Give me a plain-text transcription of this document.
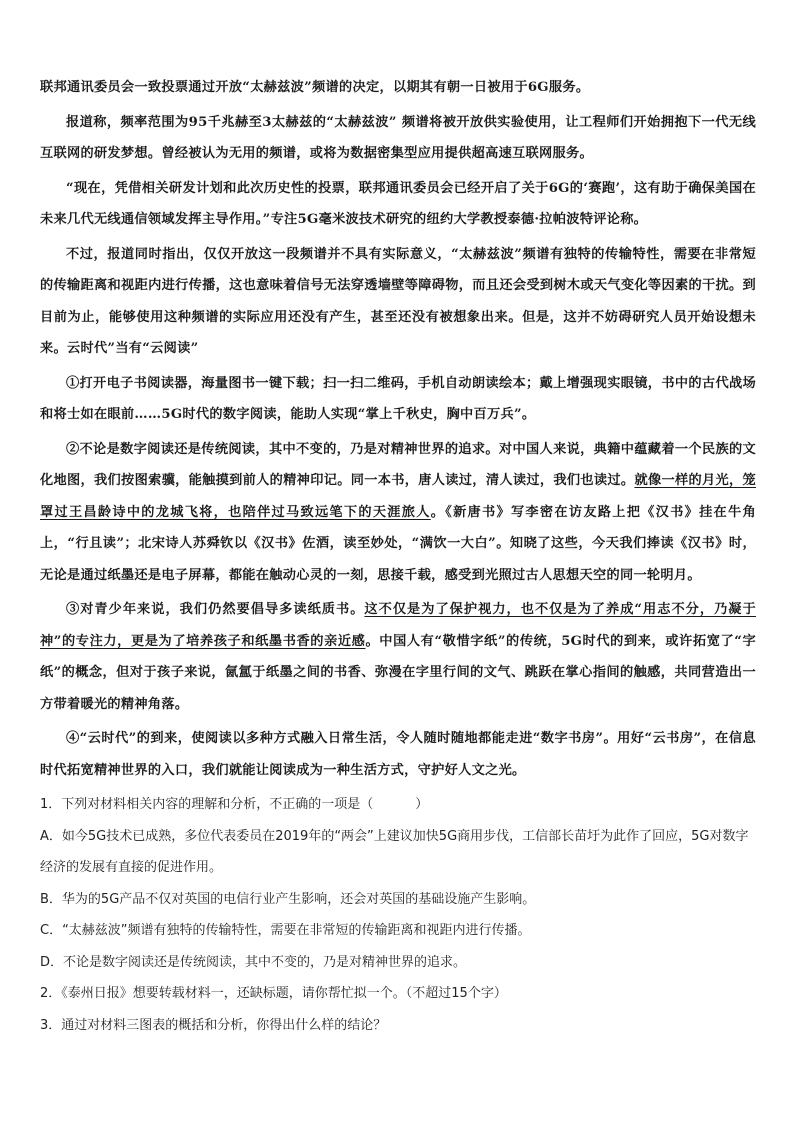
联邦通讯委员会一致投票通过开放“太赫兹波”频谱的决定，以期其有朝一日被用于6G服务。

报道称，频率范围为95千兆赫至3太赫兹的“太赫兹波” 频谱将被开放供实验使用，让工程师们开始拥抱下一代无线互联网的研发梦想。曾经被认为无用的频谱，或将为数据密集型应用提供超高速互联网服务。

“现在，凭借相关研发计划和此次历史性的投票，联邦通讯委员会已经开启了关于6G的‘赛跑’，这有助于确保美国在未来几代无线通信领域发挥主导作用。”专注5G毫米波技术研究的纽约大学教授泰德·拉帕波特评论称。

不过，报道同时指出，仅仅开放这一段频谱并不具有实际意义，“太赫兹波”频谱有独特的传输特性，需要在非常短的传输距离和视距内进行传播，这也意味着信号无法穿透墙壁等障碍物，而且还会受到树木或天气变化等因素的干扰。到目前为止，能够使用这种频谱的实际应用还没有产生，甚至还没有被想象出来。但是，这并不妨碍研究人员开始设想未来。云时代”当有“云阅读”

①打开电子书阅读器，海量图书一键下载；扫一扫二维码，手机自动朗读绘本；戴上增强现实眼镜，书中的古代战场和将士如在眼前……5G时代的数字阅读，能助人实现“掌上千秋史，胸中百万兵”。

②不论是数字阅读还是传统阅读，其中不变的，乃是对精神世界的追求。对中国人来说，典籍中蕴藏着一个民族的文化地图，我们按图索骥，能触摸到前人的精神印记。同一本书，唐人读过，清人读过，我们也读过。就像一样的月光，笼罩过王昌龄诗中的龙城飞将，也陪伴过马致远笔下的天涯旅人。《新唐书》写李密在访友路上把《汉书》挂在牛角上，“行且读”；北宋诗人苏舜钦以《汉书》佐酒，读至妙处，“满饮一大白”。知晓了这些，今天我们捧读《汉书》时，无论是通过纸墨还是电子屏幕，都能在触动心灵的一刻，思接千载，感受到光照过古人思想天空的同一轮明月。

③对青少年来说，我们仍然要倡导多读纸质书。这不仅是为了保护视力，也不仅是为了养成“用志不分，乃凝于神”的专注力，更是为了培养孩子和纸墨书香的亲近感。中国人有“敬惜字纸”的传统，5G时代的到来，或许拓宽了“字纸”的概念，但对于孩子来说，氤氲于纸墨之间的书香、弥漫在字里行间的文气、跳跃在掌心指间的触感，共同营造出一方带着暖光的精神角落。

④“云时代”的到来，使阅读以多种方式融入日常生活，令人随时随地都能走进“数字书房”。用好“云书房”，在信息时代拓宽精神世界的入口，我们就能让阅读成为一种生活方式，守护好人文之光。

1．下列对材料相关内容的理解和分析，不正确的一项是（	）

A．如今5G技术已成熟，多位代表委员在2019年的“两会”上建议加快5G商用步伐，工信部长苗圩为此作了回应，5G对数字经济的发展有直接的促进作用。

B．华为的5G产品不仅对英国的电信行业产生影响，还会对英国的基础设施产生影响。

C．“太赫兹波”频谱有独特的传输特性，需要在非常短的传输距离和视距内进行传播。

D．不论是数字阅读还是传统阅读，其中不变的，乃是对精神世界的追求。

2．《泰州日报》想要转载材料一，还缺标题，请你帮忙拟一个。（不超过15个字）

3．通过对材料三图表的概括和分析，你得出什么样的结论？
